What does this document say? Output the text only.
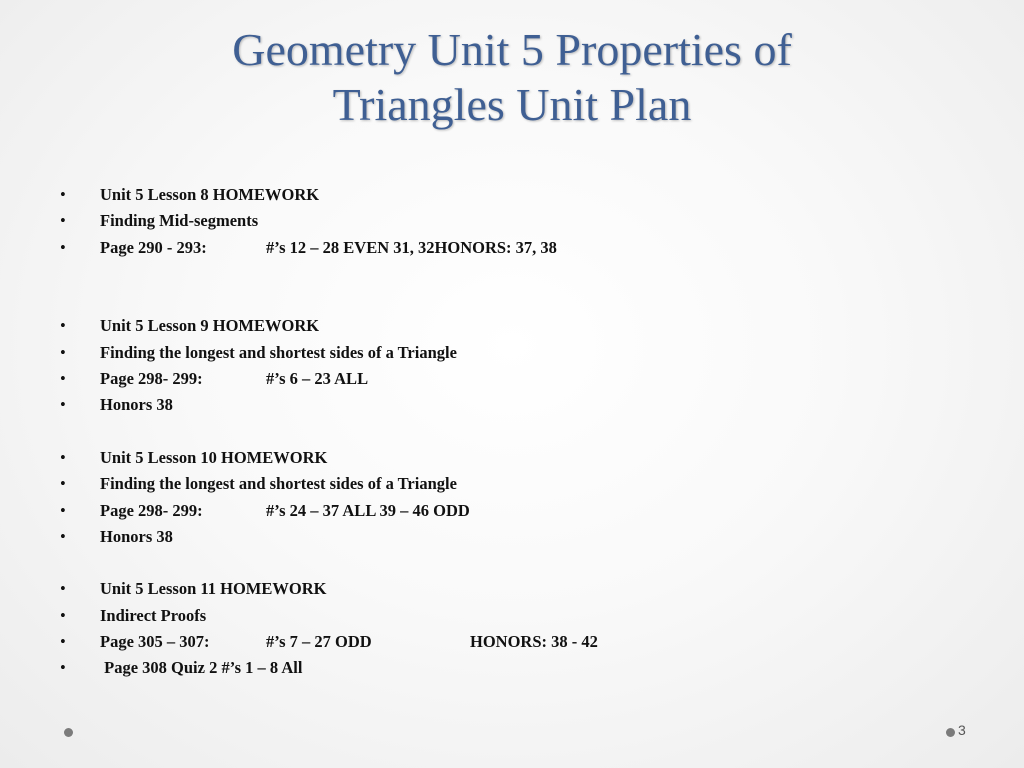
Geometry Unit 5 Properties of
Triangles Unit Plan
• Unit 5 Lesson 8 HOMEWORK
• Finding Mid-segments
• Page 290 - 293:	#’s 12 – 28 EVEN 31, 32HONORS: 37, 38
• Unit 5 Lesson 9 HOMEWORK
• Finding the longest and shortest sides of a Triangle
• Page 298- 299:	#’s 6 – 23 ALL
• Honors 38
• Unit 5 Lesson 10 HOMEWORK
• Finding the longest and shortest sides of a Triangle
• Page 298- 299:	#’s 24 – 37 ALL 39 – 46 ODD
• Honors 38
• Unit 5 Lesson 11 HOMEWORK
• Indirect Proofs
• Page 305 – 307:	#’s 7 – 27 ODD	HONORS: 38 - 42
• Page 308 Quiz 2 #’s 1 – 8 All
3
